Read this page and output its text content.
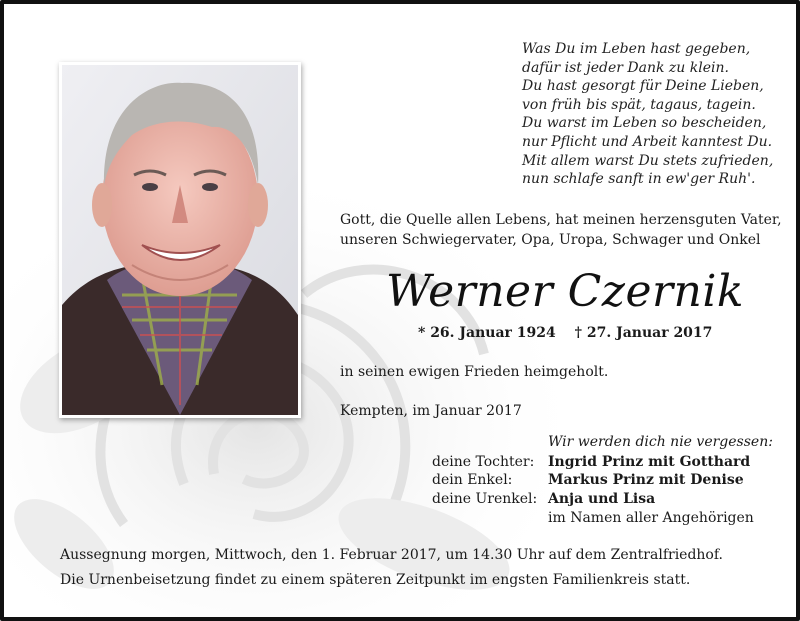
Was Du im Leben hast gegeben,
dafür ist jeder Dank zu klein.
Du hast gesorgt für Deine Lieben,
von früh bis spät, tagaus, tagein.
Du warst im Leben so bescheiden,
nur Pflicht und Arbeit kanntest Du.
Mit allem warst Du stets zufrieden,
nun schlafe sanft in ew'ger Ruh'.
Gott, die Quelle allen Lebens, hat meinen herzensguten Vater,
unseren Schwiegervater, Opa, Uropa, Schwager und Onkel
Werner Czernik
* 26. Januar 1924 † 27. Januar 2017
in seinen ewigen Frieden heimgeholt.
Kempten, im Januar 2017
Wir werden dich nie vergessen:
deine Tochter: Ingrid Prinz mit Gotthard
dein Enkel:	Markus Prinz mit Denise
deine Urenkel: Anja und Lisa
im Namen aller Angehörigen
Aussegnung morgen, Mittwoch, den 1. Februar 2017, um 14.30 Uhr auf dem Zentralfriedhof.
Die Urnenbeisetzung findet zu einem späteren Zeitpunkt im engsten Familienkreis statt.
